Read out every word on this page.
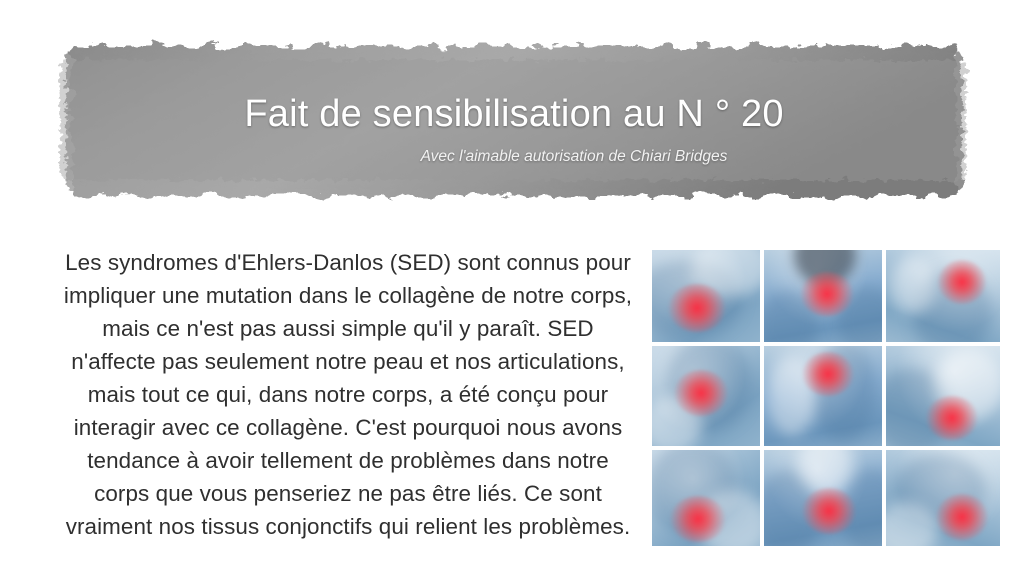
Fait de sensibilisation au N ° 20
Avec l'aimable autorisation de Chiari Bridges
Les syndromes d'Ehlers-Danlos (SED) sont connus pour impliquer une mutation dans le collagène de notre corps, mais ce n'est pas aussi simple qu'il y paraît. SED n'affecte pas seulement notre peau et nos articulations, mais tout ce qui, dans notre corps, a été conçu pour interagir avec ce collagène. C'est pourquoi nous avons tendance à avoir tellement de problèmes dans notre corps que vous penseriez ne pas être liés. Ce sont vraiment nos tissus conjonctifs qui relient les problèmes.
